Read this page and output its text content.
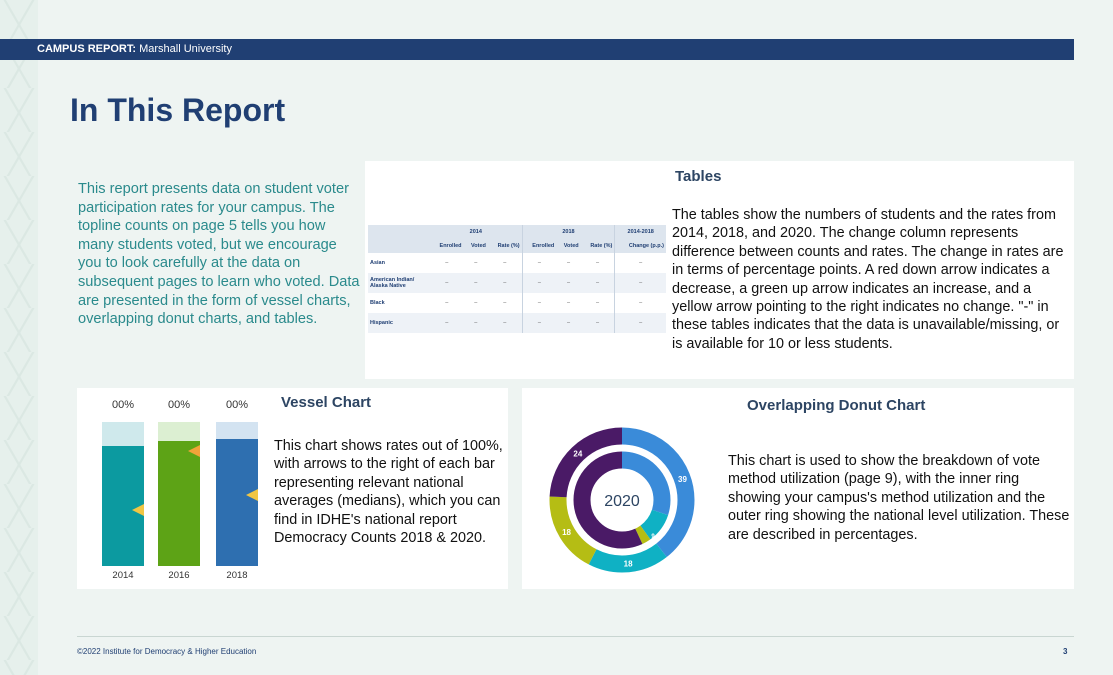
CAMPUS REPORT: Marshall University
In This Report

This report presents data on student voter participation rates for your campus. The topline counts on page 5 tells you how many students voted, but we encourage you to look carefully at the data on subsequent pages to learn who voted. Data are presented in the form of vessel charts, overlapping donut charts, and tables.

Tables
	2014			2018			2014-2018
	Enrolled	Voted	Rate (%)	Enrolled	Voted	Rate (%)	Change (p.p.)
Asian	–	–	–	–	–	–	–
American Indian/ Alaska Native	–	–	–	–	–	–	–
Black	–	–	–	–	–	–	–
Hispanic	–	–	–	–	–	–	–

The tables show the numbers of students and the rates from 2014, 2018, and 2020. The change column represents difference between counts and rates. The change in rates are in terms of percentage points. A red down arrow indicates a decrease, a green up arrow indicates an increase, and a yellow arrow pointing to the right indicates no change. "-" in these tables indicates that the data is unavailable/missing, or is available for 10 or less students.

00%
2014
00%
2016
00%
2018
Vessel Chart

This chart shows rates out of 100%, with arrows to the right of each bar representing relevant national averages (medians), which you can find in IDHE's national report Democracy Counts 2018 & 2020.

Overlapping Donut Chart
39
18
18
24
2020
9

This chart is used to show the breakdown of vote method utilization (page 9), with the inner ring showing your campus's method utilization and the outer ring showing the national level utilization. These are described in percentages.

©2022 Institute for Democracy & Higher Education	3
